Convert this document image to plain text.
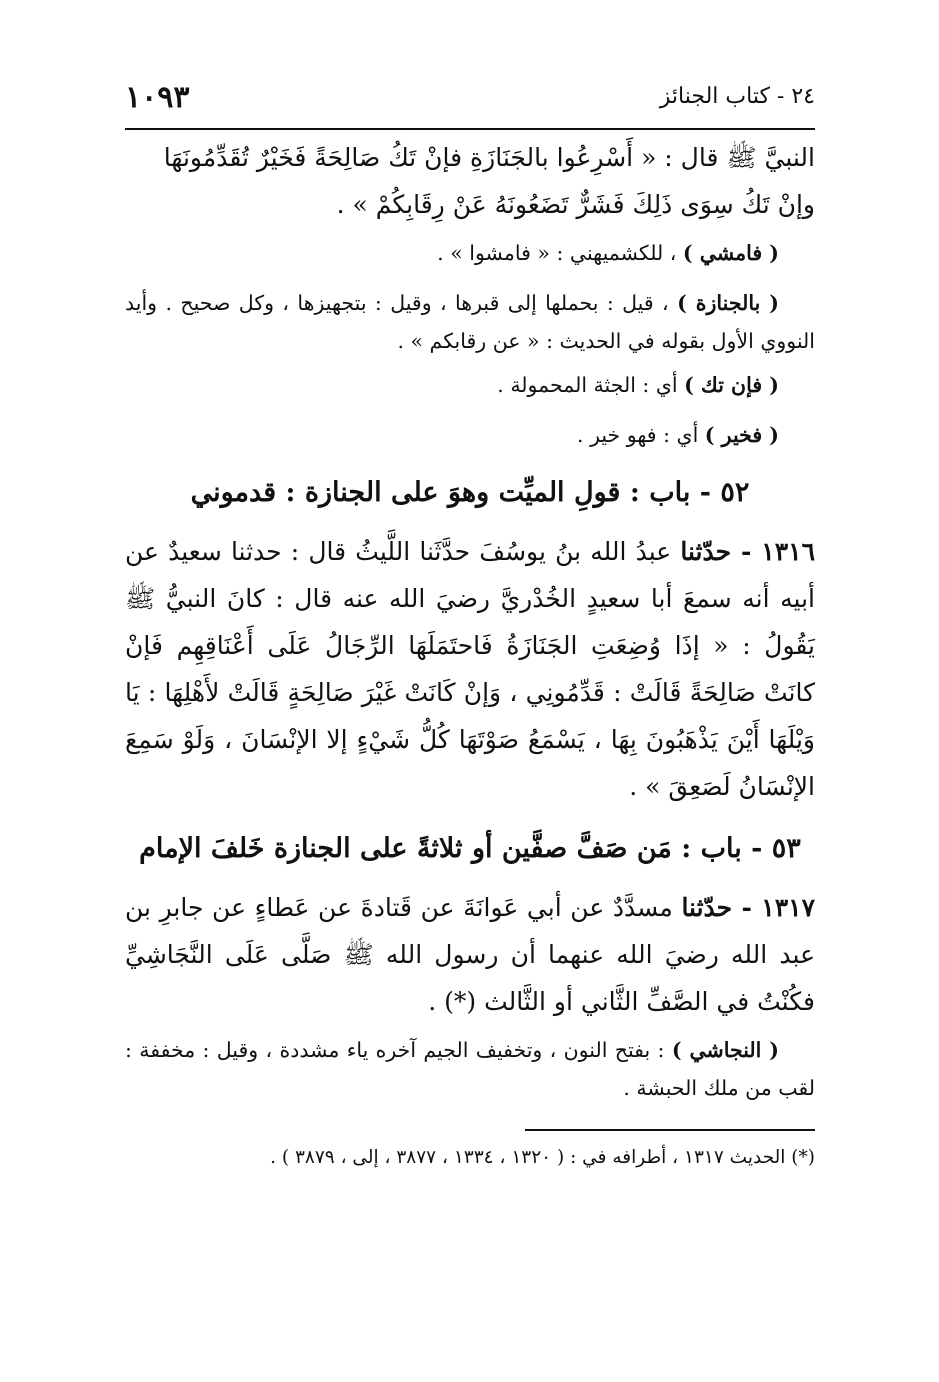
٢٤ - كتاب الجنائز
١٠٩٣

النبيَّ ﷺ قال : « أَسْرِعُوا بالجَنَازَةِ فإنْ تَكُ صَالِحَةً فَخَيْرٌ تُقَدِّمُونَهَا
وإنْ تَكُ سِوَى ذَلِكَ فَشَرٌّ تَضَعُونَهُ عَنْ رِقَابِكُمْ » .

( فامشي ) ، للكشميهني : « فامشوا » .

( بالجنازة ) ، قيل : بحملها إلى قبرها ، وقيل : بتجهيزها ، وكل صحيح . وأيد النووي الأول بقوله في الحديث : « عن رقابكم » .

( فإن تك ) أي : الجثة المحمولة .

( فخير ) أي : فهو خير .

٥٢ - باب : قولِ الميِّت وهوَ على الجنازة : قدموني

١٣١٦ - حدّثنا عبدُ الله بنُ يوسُفَ حدَّثَنا اللَّيثُ قال : حدثنا سعيدٌ عن أبيه أنه سمعَ أبا سعيدٍ الخُدْريَّ رضيَ الله عنه قال : كانَ النبيُّ ﷺ يَقُولُ : « إذَا وُضِعَتِ الجَنَازَةُ فَاحتَمَلَهَا الرِّجَالُ عَلَى أَعْنَاقِهِم فَإنْ كانَتْ صَالِحَةً قَالَتْ : قَدِّمُونِي ، وَإنْ كَانَتْ غَيْرَ صَالِحَةٍ قَالَتْ لأَهْلِهَا : يَا وَيْلَهَا أَيْنَ يَذْهَبُونَ بِهَا ، يَسْمَعُ صَوْتَهَا كُلُّ شَيْءٍ إلا الإنْسَانَ ، وَلَوْ سَمِعَ الإنْسَانُ لَصَعِقَ » .

٥٣ - باب : مَن صَفَّ صفَّين أو ثلاثةً على الجنازة خَلفَ الإمام

١٣١٧ - حدّثنا مسدَّدٌ عن أبي عَوانَةَ عن قَتادةَ عن عَطاءٍ عن جابرِ بن عبد الله رضيَ الله عنهما أن رسول الله ﷺ صَلَّى عَلَى النَّجَاشِيِّ فكُنْتُ في الصَّفِّ الثَّاني أو الثَّالث (*) .

( النجاشي ) : بفتح النون ، وتخفيف الجيم آخره ياء مشددة ، وقيل : مخففة : لقب من ملك الحبشة .

(*) الحديث ١٣١٧ ، أطرافه في : ( ١٣٢٠ ، ١٣٣٤ ، ٣٨٧٧ ، إلى ، ٣٨٧٩ ) .
